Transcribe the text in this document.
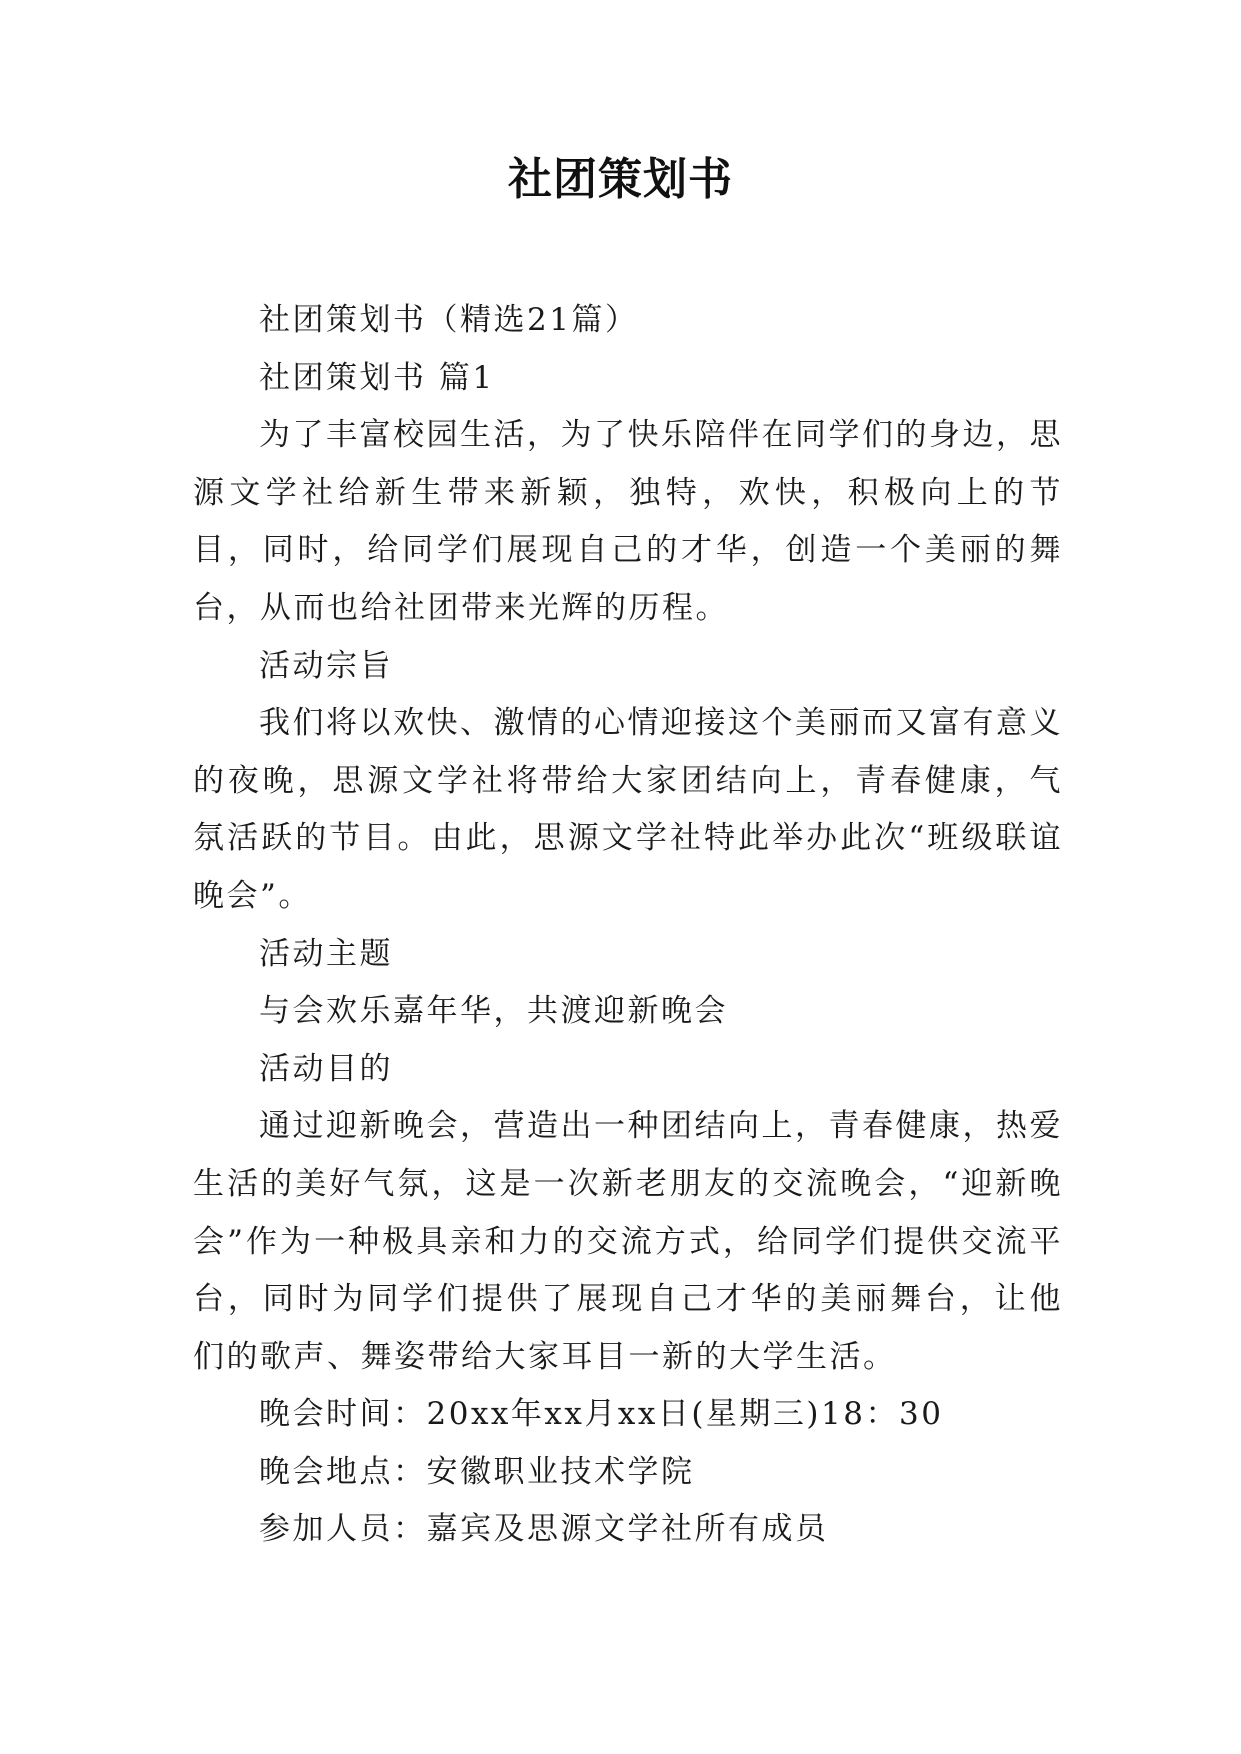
社团策划书

社团策划书（精选21篇）

社团策划书 篇1

为了丰富校园生活，为了快乐陪伴在同学们的身边，思源文学社给新生带来新颖，独特，欢快，积极向上的节目，同时，给同学们展现自己的才华，创造一个美丽的舞台，从而也给社团带来光辉的历程。

活动宗旨

我们将以欢快、激情的心情迎接这个美丽而又富有意义的夜晚，思源文学社将带给大家团结向上，青春健康，气氛活跃的节目。由此，思源文学社特此举办此次“班级联谊晚会”。

活动主题

与会欢乐嘉年华，共渡迎新晚会

活动目的

通过迎新晚会，营造出一种团结向上，青春健康，热爱生活的美好气氛，这是一次新老朋友的交流晚会，“迎新晚会”作为一种极具亲和力的交流方式，给同学们提供交流平台，同时为同学们提供了展现自己才华的美丽舞台，让他们的歌声、舞姿带给大家耳目一新的大学生活。

晚会时间：20xx年xx月xx日(星期三)18：30

晚会地点：安徽职业技术学院

参加人员：嘉宾及思源文学社所有成员
